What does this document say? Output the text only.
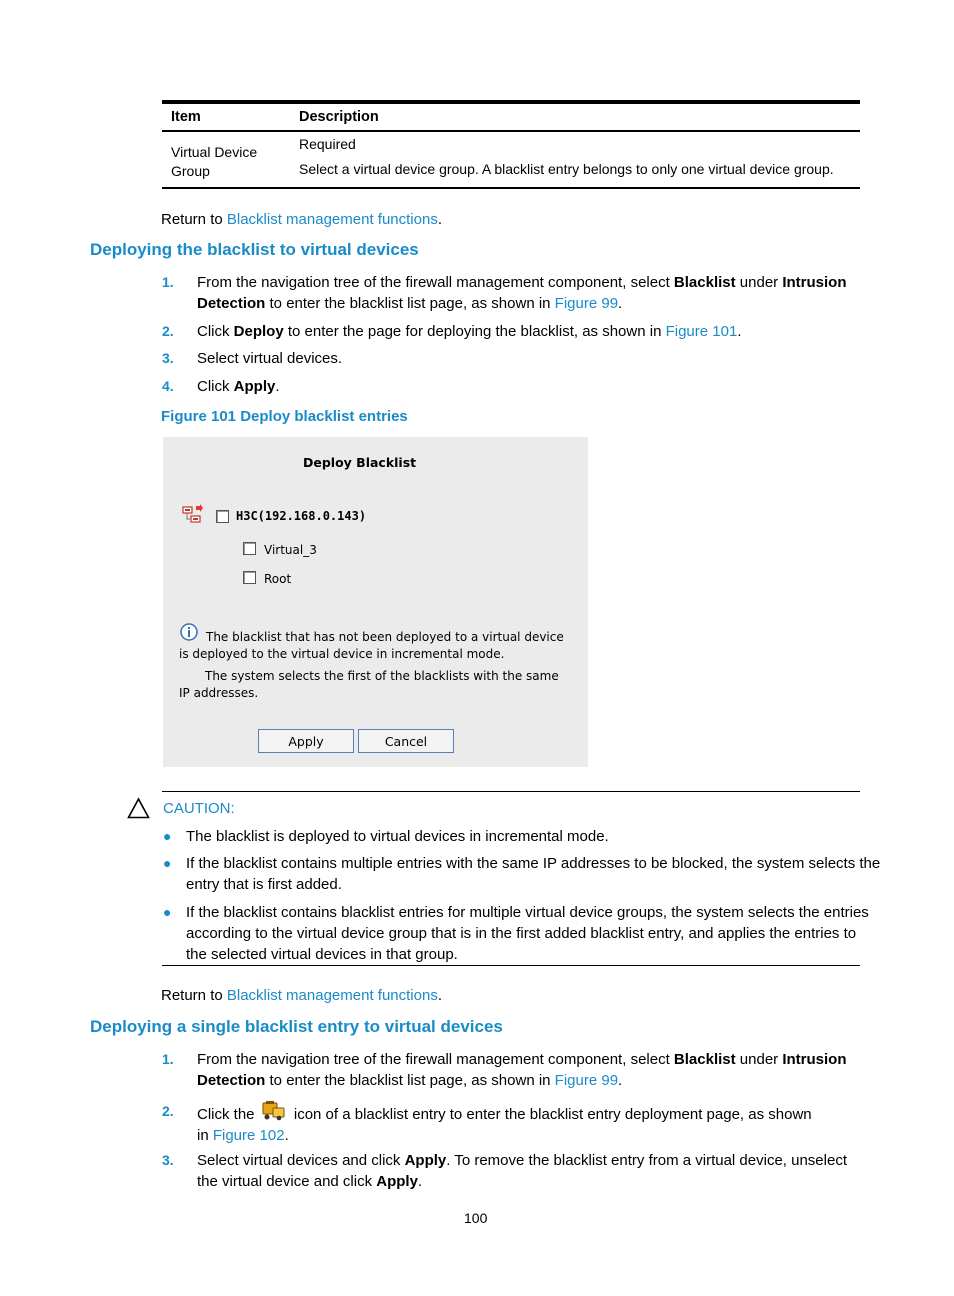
Item	Description
Virtual Device
Group
Required
Select a virtual device group. A blacklist entry belongs to only one virtual device group.
Return to Blacklist management functions.
Deploying the blacklist to virtual devices
1. From the navigation tree of the firewall management component, select Blacklist under Intrusion
Detection to enter the blacklist list page, as shown in Figure 99.
2. Click Deploy to enter the page for deploying the blacklist, as shown in Figure 101.
3. Select virtual devices.
4. Click Apply.
Figure 101 Deploy blacklist entries
Deploy Blacklist
H3C(192.168.0.143)
Virtual_3
Root
The blacklist that has not been deployed to a virtual device
is deployed to the virtual device in incremental mode.
The system selects the first of the blacklists with the same
IP addresses.
Apply	Cancel
CAUTION:
● The blacklist is deployed to virtual devices in incremental mode.
● If the blacklist contains multiple entries with the same IP addresses to be blocked, the system selects the
entry that is first added.
● If the blacklist contains blacklist entries for multiple virtual device groups, the system selects the entries
according to the virtual device group that is in the first added blacklist entry, and applies the entries to
the selected virtual devices in that group.
Return to Blacklist management functions.
Deploying a single blacklist entry to virtual devices
1. From the navigation tree of the firewall management component, select Blacklist under Intrusion
Detection to enter the blacklist list page, as shown in Figure 99.
2. Click the  icon of a blacklist entry to enter the blacklist entry deployment page, as shown
in Figure 102.
3. Select virtual devices and click Apply. To remove the blacklist entry from a virtual device, unselect
the virtual device and click Apply.
100
